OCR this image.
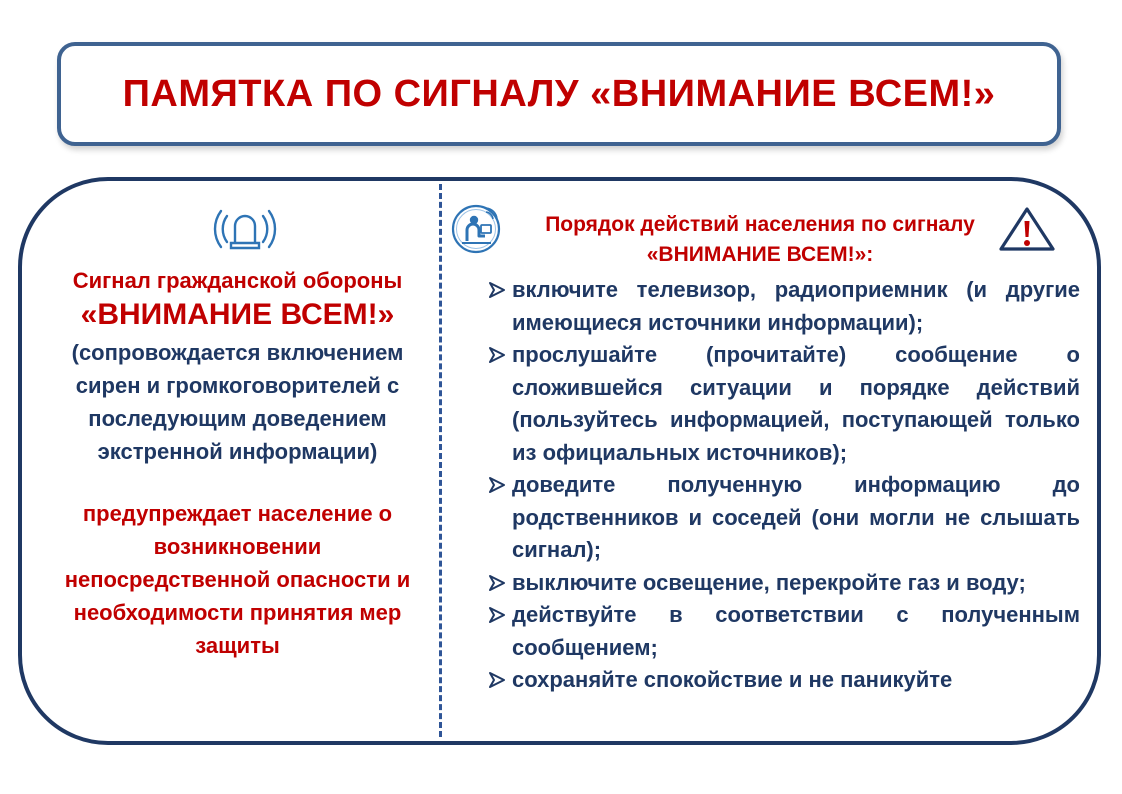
ПАМЯТКА ПО СИГНАЛУ «ВНИМАНИЕ ВСЕМ!»
Сигнал гражданской обороны
«ВНИМАНИЕ ВСЕМ!»
(сопровождается включением
сирен и громкоговорителей с
последующим доведением
экстренной информации)
предупреждает население о
возникновении
непосредственной опасности и
необходимости принятия мер
защиты
Порядок действий населения по сигналу
«ВНИМАНИЕ ВСЕМ!»:
включите телевизор, радиоприемник (и другие имеющиеся источники информации);
прослушайте (прочитайте) сообщение о сложившейся ситуации и порядке действий (пользуйтесь информацией, поступающей только из официальных источников);
доведите полученную информацию до родственников и соседей (они могли не слышать сигнал);
выключите освещение, перекройте газ и воду;
действуйте в соответствии с полученным сообщением;
сохраняйте спокойствие и не паникуйте
